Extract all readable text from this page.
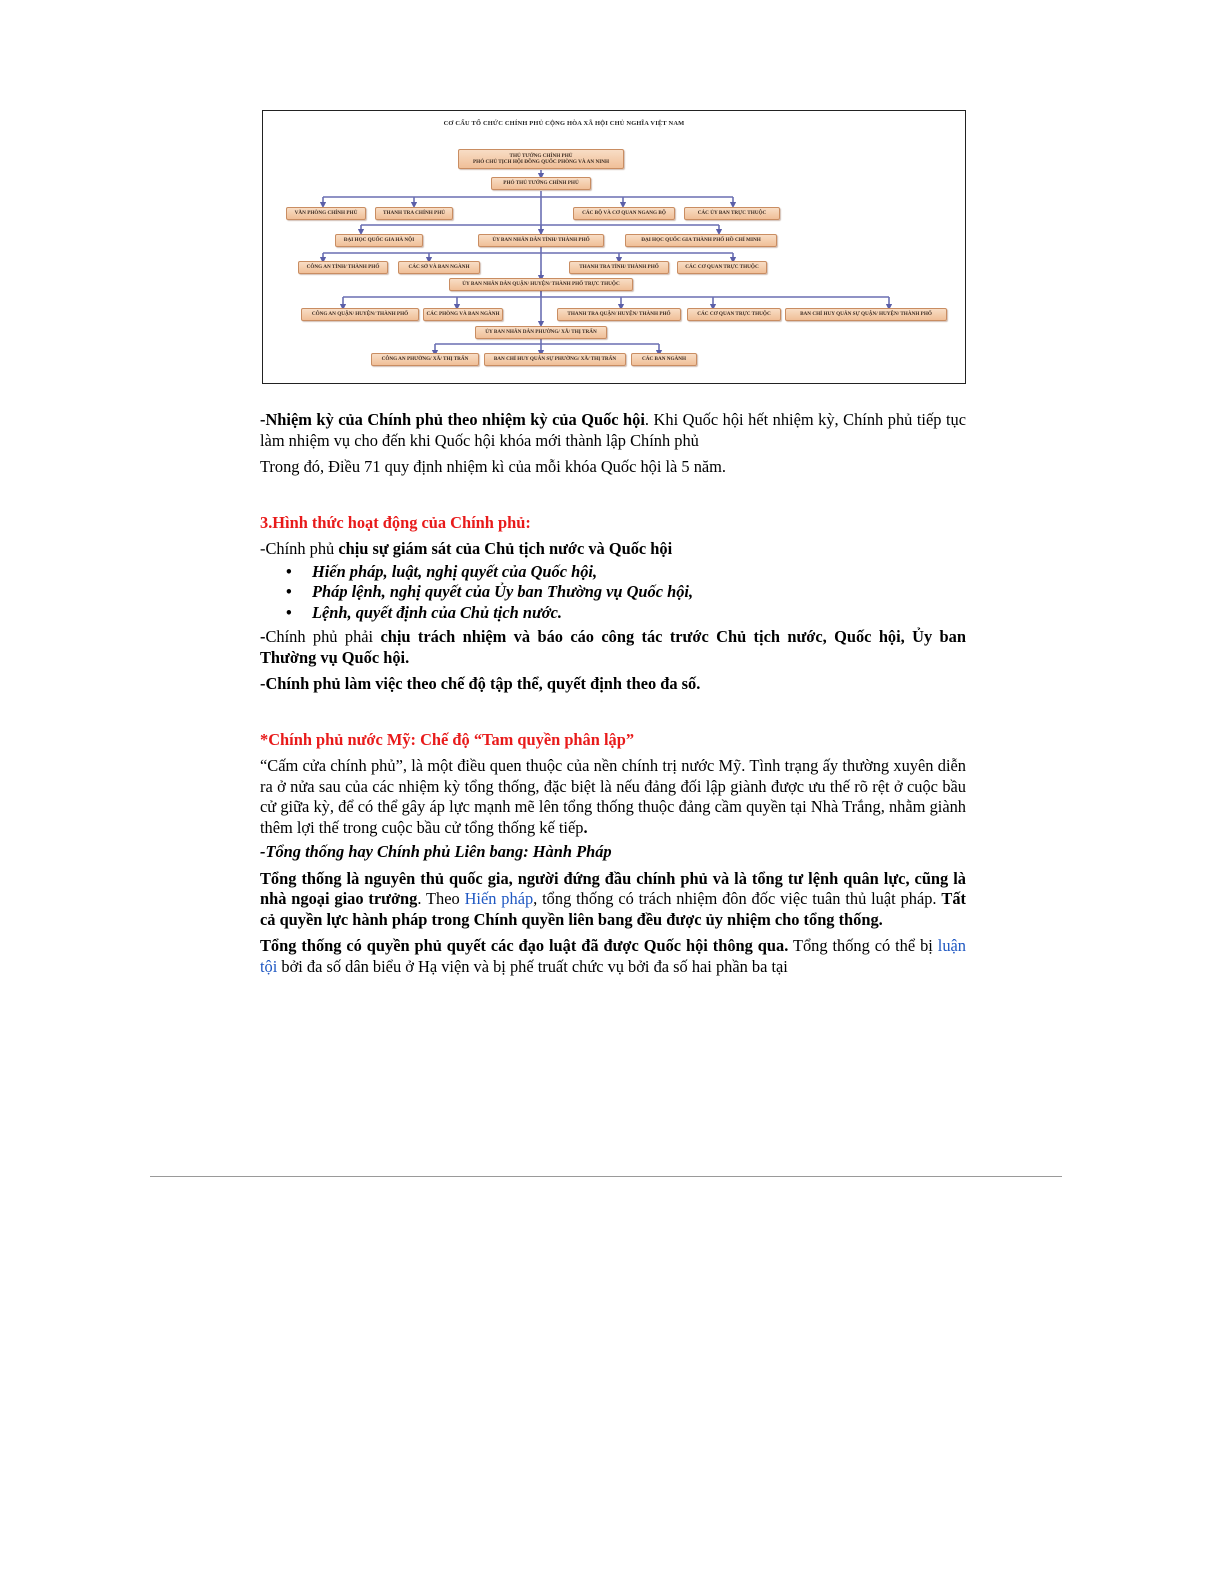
CƠ CẤU TỔ CHỨC CHÍNH PHỦ CỘNG HÒA XÃ HỘI CHỦ NGHĨA VIỆT NAM
THỦ TƯỚNG CHÍNH PHỦ
PHÓ CHỦ TỊCH HỘI ĐỒNG QUỐC PHÒNG VÀ AN NINH
PHÓ THỦ TƯỚNG CHÍNH PHỦ
VĂN PHÒNG CHÍNH PHỦ	THANH TRA CHÍNH PHỦ	CÁC BỘ VÀ CƠ QUAN NGANG BỘ	CÁC ỦY BAN TRỰC THUỘC
ĐẠI HỌC QUỐC GIA HÀ NỘI	ỦY BAN NHÂN DÂN TỈNH/ THÀNH PHỐ	ĐẠI HỌC QUỐC GIA THÀNH PHỐ HỒ CHÍ MINH
CÔNG AN TỈNH/ THÀNH PHỐ	CÁC SỞ VÀ BAN NGÀNH	THANH TRA TỈNH/ THÀNH PHỐ	CÁC CƠ QUAN TRỰC THUỘC
ỦY BAN NHÂN DÂN QUẬN/ HUYỆN/ THÀNH PHỐ TRỰC THUỘC
CÔNG AN QUẬN/ HUYỆN/ THÀNH PHỐ	CÁC PHÒNG VÀ BAN NGÀNH	THANH TRA QUẬN/ HUYỆN/ THÀNH PHỐ	CÁC CƠ QUAN TRỰC THUỘC	BAN CHỈ HUY QUÂN SỰ QUẬN/ HUYỆN/ THÀNH PHỐ
ỦY BAN NHÂN DÂN PHƯỜNG/ XÃ/ THỊ TRẤN
CÔNG AN PHƯỜNG/ XÃ/ THỊ TRẤN	BAN CHỈ HUY QUÂN SỰ PHƯỜNG/ XÃ/ THỊ TRẤN	CÁC BAN NGÀNH

-Nhiệm kỳ của Chính phủ theo nhiệm kỳ của Quốc hội. Khi Quốc hội hết nhiệm kỳ, Chính phủ tiếp tục làm nhiệm vụ cho đến khi Quốc hội khóa mới thành lập Chính phủ

Trong đó, Điều 71 quy định nhiệm kì của mỗi khóa Quốc hội là 5 năm.

3.Hình thức hoạt động của Chính phủ:

-Chính phủ chịu sự giám sát của Chủ tịch nước và Quốc hội

• Hiến pháp, luật, nghị quyết của Quốc hội,
• Pháp lệnh, nghị quyết của Ủy ban Thường vụ Quốc hội,
• Lệnh, quyết định của Chủ tịch nước.

-Chính phủ phải chịu trách nhiệm và báo cáo công tác trước Chủ tịch nước, Quốc hội, Ủy ban Thường vụ Quốc hội.

-Chính phủ làm việc theo chế độ tập thể, quyết định theo đa số.

*Chính phủ nước Mỹ: Chế độ “Tam quyền phân lập”

“Cấm cửa chính phủ”, là một điều quen thuộc của nền chính trị nước Mỹ. Tình trạng ấy thường xuyên diễn ra ở nửa sau của các nhiệm kỳ tổng thống, đặc biệt là nếu đảng đối lập giành được ưu thế rõ rệt ở cuộc bầu cử giữa kỳ, để có thể gây áp lực mạnh mẽ lên tổng thống thuộc đảng cầm quyền tại Nhà Trắng, nhằm giành thêm lợi thế trong cuộc bầu cử tổng thống kế tiếp.

-Tổng thống hay Chính phủ Liên bang: Hành Pháp

Tổng thống là nguyên thủ quốc gia, người đứng đầu chính phủ và là tổng tư lệnh quân lực, cũng là nhà ngoại giao trưởng. Theo Hiến pháp, tổng thống có trách nhiệm đôn đốc việc tuân thủ luật pháp. Tất cả quyền lực hành pháp trong Chính quyền liên bang đều được ủy nhiệm cho tổng thống.

Tổng thống có quyền phủ quyết các đạo luật đã được Quốc hội thông qua. Tổng thống có thể bị luận tội bởi đa số dân biểu ở Hạ viện và bị phế truất chức vụ bởi đa số hai phần ba tại
